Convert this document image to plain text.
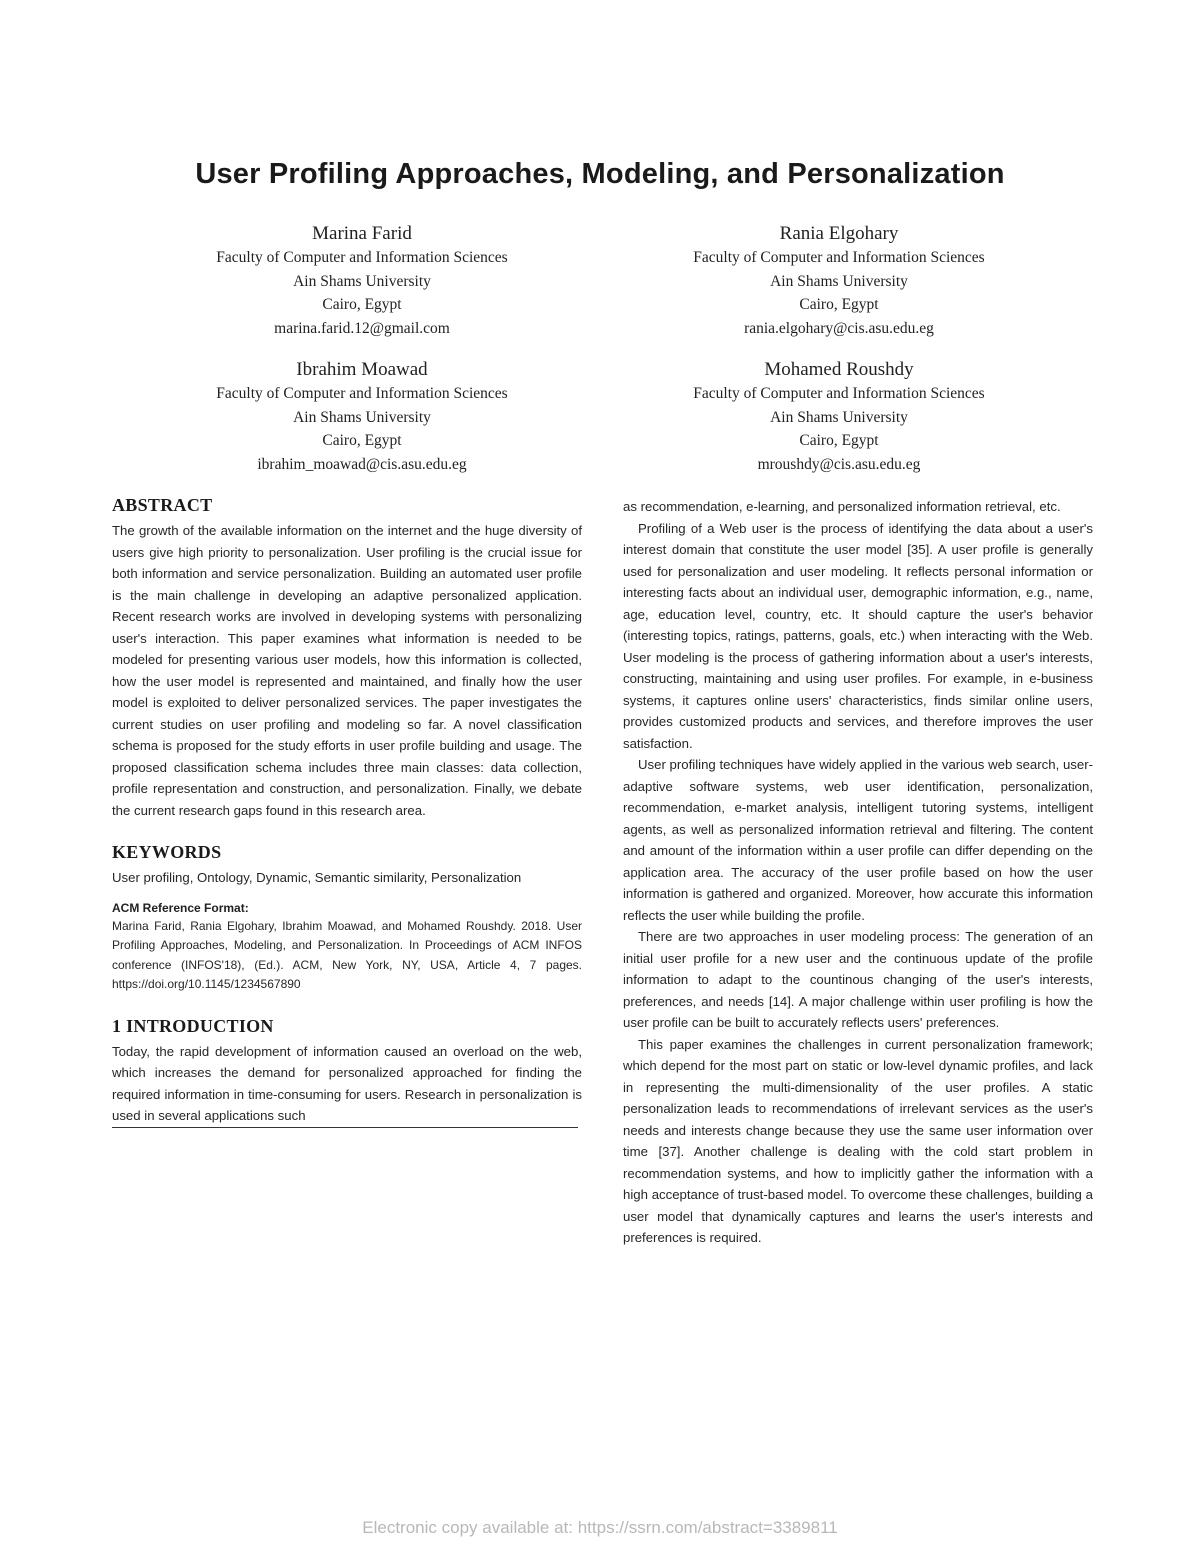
User Profiling Approaches, Modeling, and Personalization
Marina Farid
Faculty of Computer and Information Sciences
Ain Shams University
Cairo, Egypt
marina.farid.12@gmail.com
Rania Elgohary
Faculty of Computer and Information Sciences
Ain Shams University
Cairo, Egypt
rania.elgohary@cis.asu.edu.eg
Ibrahim Moawad
Faculty of Computer and Information Sciences
Ain Shams University
Cairo, Egypt
ibrahim_moawad@cis.asu.edu.eg
Mohamed Roushdy
Faculty of Computer and Information Sciences
Ain Shams University
Cairo, Egypt
mroushdy@cis.asu.edu.eg
ABSTRACT

The growth of the available information on the internet and the huge diversity of users give high priority to personalization. User profiling is the crucial issue for both information and service personalization. Building an automated user profile is the main challenge in developing an adaptive personalized application. Recent research works are involved in developing systems with personalizing user's interaction. This paper examines what information is needed to be modeled for presenting various user models, how this information is collected, how the user model is represented and maintained, and finally how the user model is exploited to deliver personalized services. The paper investigates the current studies on user profiling and modeling so far. A novel classification schema is proposed for the study efforts in user profile building and usage. The proposed classification schema includes three main classes: data collection, profile representation and construction, and personalization. Finally, we debate the current research gaps found in this research area.

KEYWORDS

User profiling, Ontology, Dynamic, Semantic similarity, Personalization

ACM Reference Format:

Marina Farid, Rania Elgohary, Ibrahim Moawad, and Mohamed Roushdy. 2018. User Profiling Approaches, Modeling, and Personalization. In Proceedings of ACM INFOS conference (INFOS'18), (Ed.). ACM, New York, NY, USA, Article 4, 7 pages. https://doi.org/10.1145/1234567890

1 INTRODUCTION

Today, the rapid development of information caused an overload on the web, which increases the demand for personalized approached for finding the required information in time-consuming for users. Research in personalization is used in several applications such

as recommendation, e-learning, and personalized information retrieval, etc.

Profiling of a Web user is the process of identifying the data about a user's interest domain that constitute the user model [35]. A user profile is generally used for personalization and user modeling. It reflects personal information or interesting facts about an individual user, demographic information, e.g., name, age, education level, country, etc. It should capture the user's behavior (interesting topics, ratings, patterns, goals, etc.) when interacting with the Web. User modeling is the process of gathering information about a user's interests, constructing, maintaining and using user profiles. For example, in e-business systems, it captures online users' characteristics, finds similar online users, provides customized products and services, and therefore improves the user satisfaction.

User profiling techniques have widely applied in the various web search, user-adaptive software systems, web user identification, personalization, recommendation, e-market analysis, intelligent tutoring systems, intelligent agents, as well as personalized information retrieval and filtering. The content and amount of the information within a user profile can differ depending on the application area. The accuracy of the user profile based on how the user information is gathered and organized. Moreover, how accurate this information reflects the user while building the profile.

There are two approaches in user modeling process: The generation of an initial user profile for a new user and the continuous update of the profile information to adapt to the countinous changing of the user's interests, preferences, and needs [14]. A major challenge within user profiling is how the user profile can be built to accurately reflects users' preferences.

This paper examines the challenges in current personalization framework; which depend for the most part on static or low-level dynamic profiles, and lack in representing the multi-dimensionality of the user profiles. A static personalization leads to recommendations of irrelevant services as the user's needs and interests change because they use the same user information over time [37]. Another challenge is dealing with the cold start problem in recommendation systems, and how to implicitly gather the information with a high acceptance of trust-based model. To overcome these challenges, building a user model that dynamically captures and learns the user's interests and preferences is required.

Electronic copy available at: https://ssrn.com/abstract=3389811
